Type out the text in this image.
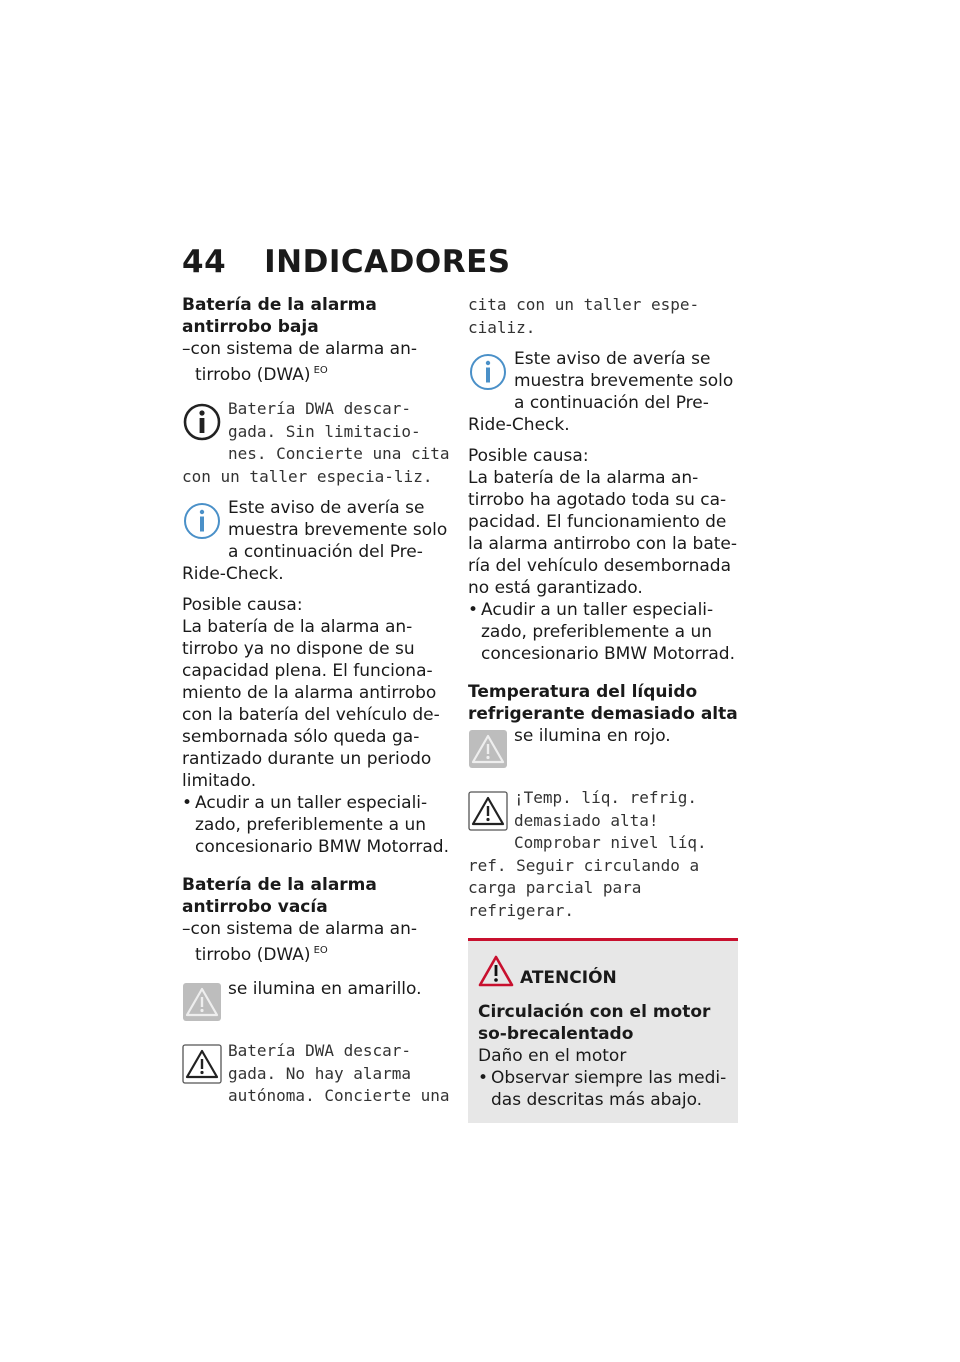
44 INDICADORES

Batería de la alarma antirrobo baja

–con sistema de alarma an-tirrobo (DWA) $^{EO}$

Batería DWA descar-gada. Sin limitacio-nes. Concierte una cita con un taller especia-liz.

Este aviso de avería se muestra brevemente solo a continuación del Pre-Ride-Check.

Posible causa:

La batería de la alarma an-tirrobo ya no dispone de su capacidad plena. El funciona-miento de la alarma antirrobo con la batería del vehículo de-sembornada sólo queda ga-rantizado durante un periodo limitado.

• Acudir a un taller especiali-zado, preferiblemente a un concesionario BMW Motorrad.

Batería de la alarma antirrobo vacía

–con sistema de alarma an-tirrobo (DWA) $^{EO}$

se ilumina en amarillo.

Batería DWA descar-gada. No hay alarma autónoma. Concierte una

cita con un taller espe-cializ.

Este aviso de avería se muestra brevemente solo a continuación del Pre-Ride-Check.

Posible causa:

La batería de la alarma an-tirrobo ha agotado toda su ca-pacidad. El funcionamiento de la alarma antirrobo con la bate-ría del vehículo desembornada no está garantizado.

• Acudir a un taller especiali-zado, preferiblemente a un concesionario BMW Motorrad.

Temperatura del líquido refrigerante demasiado alta

se ilumina en rojo.

¡Temp. líq. refrig. demasiado alta! Comprobar nivel líq. ref. Seguir circulando a carga parcial para refrigerar.

ATENCIÓN

Circulación con el motor so-brecalentado

Daño en el motor

• Observar siempre las medi-das descritas más abajo.
